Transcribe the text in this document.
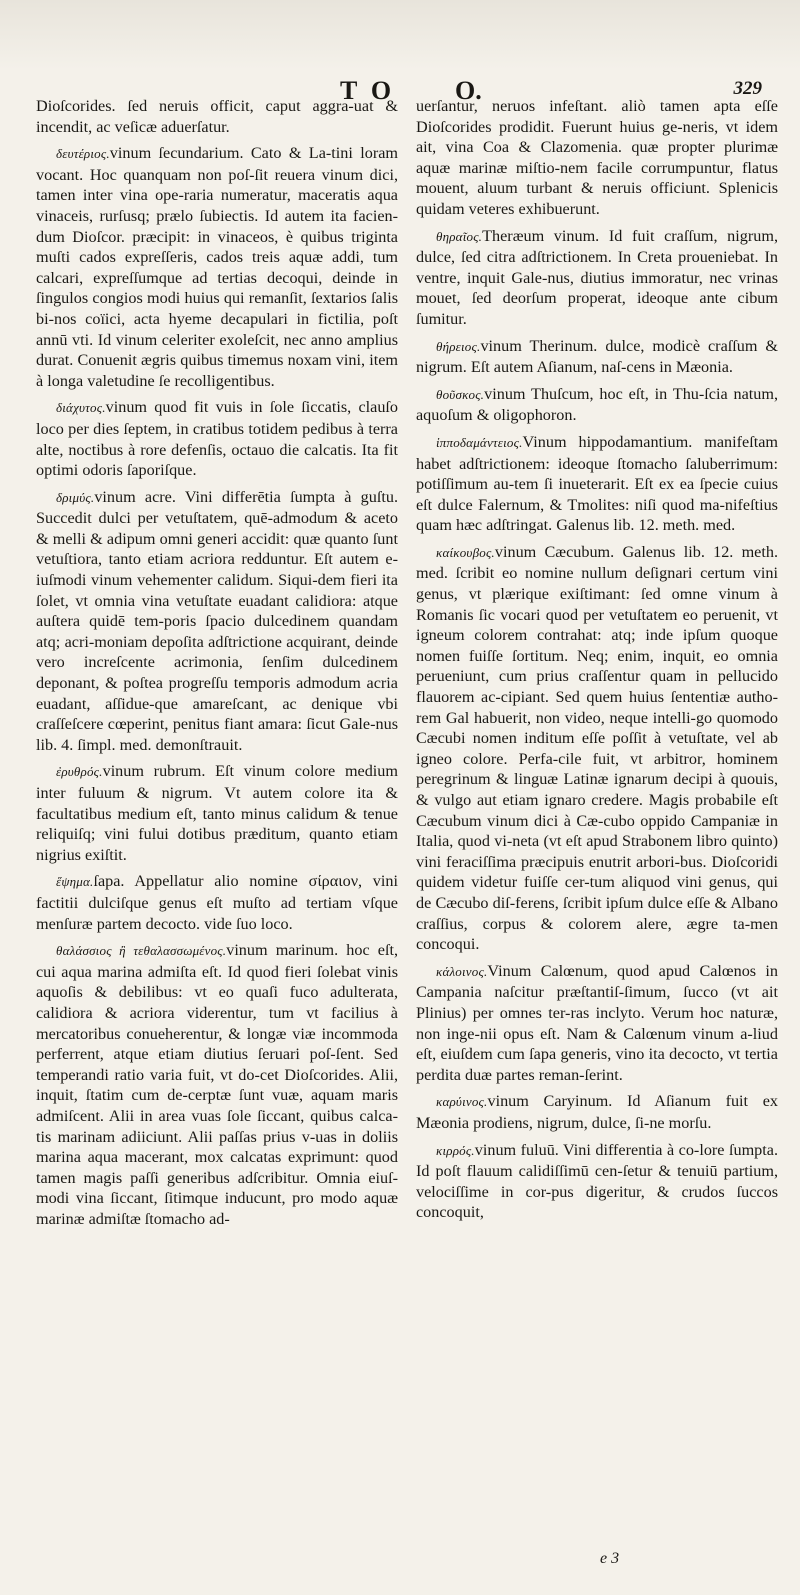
TO O.	329

Dioſcorides. ſed neruis officit, caput aggra-uat & incendit, ac veſicæ aduerſatur.

δευτέριος.vinum ſecundarium. Cato & La-tini loram vocant. Hoc quanquam non poſ-ſit reuera vinum dici, tamen inter vina ope-raria numeratur, maceratis aqua vinaceis, rurſusq; prælo ſubiectis. Id autem ita facien-dum Dioſcor. præcipit: in vinaceos, è quibus triginta muſti cados expreſſeris, cados treis aquæ addi, tum calcari, expreſſumque ad tertias decoqui, deinde in ſingulos congios modi huius qui remanſit, ſextarios ſalis bi-nos coïici, acta hyeme decapulari in fictilia, poſt annū vti. Id vinum celeriter exoleſcit, nec anno amplius durat. Conuenit ægris quibus timemus noxam vini, item à longa valetudine ſe recolligentibus.

διάχυτος.vinum quod fit vuis in ſole ſiccatis, clauſo loco per dies ſeptem, in cratibus totidem pedibus à terra alte, noctibus à rore defenſis, octauo die calcatis. Ita fit optimi odoris ſaporiſque.

δριμύς.vinum acre. Vini differētia ſumpta à guſtu. Succedit dulci per vetuſtatem, quē-admodum & aceto & melli & adipum omni generi accidit: quæ quanto ſunt vetuſtiora, tanto etiam acriora redduntur. Eſt autem e-iuſmodi vinum vehementer calidum. Siqui-dem fieri ita ſolet, vt omnia vina vetuſtate euadant calidiora: atque auſtera quidē tem-poris ſpacio dulcedinem quandam atq; acri-moniam depoſita adſtrictione acquirant, deinde vero increſcente acrimonia, ſenſim dulcedinem deponant, & poſtea progreſſu temporis admodum acria euadant, aſſidue-que amareſcant, ac denique vbi craſſeſcere cœperint, penitus fiant amara: ſicut Gale-nus lib. 4. ſimpl. med. demonſtrauit.

ἐρυθρός.vinum rubrum. Eſt vinum colore medium inter fuluum & nigrum. Vt autem colore ita & facultatibus medium eſt, tanto minus calidum & tenue reliquiſq; vini fului dotibus præditum, quanto etiam nigrius exiſtit.

ἕψημα.ſapa. Appellatur alio nomine σίραιον, vini factitii dulciſque genus eſt muſto ad tertiam vſque menſuræ partem decocto. vide ſuo loco.

θαλάσσιος ἢ τεθαλασσωμένος.vinum marinum. hoc eſt, cui aqua marina admiſta eſt. Id quod fieri ſolebat vinis aquoſis & debilibus: vt eo quaſi fuco adulterata, calidiora & acriora viderentur, tum vt facilius à mercatoribus conueherentur, & longæ viæ incommoda perferrent, atque etiam diutius ſeruari poſ-ſent. Sed temperandi ratio varia fuit, vt do-cet Dioſcorides. Alii, inquit, ſtatim cum de-cerptæ ſunt vuæ, aquam maris admiſcent. Alii in area vuas ſole ſiccant, quibus calca-tis marinam adiiciunt. Alii paſſas prius v-uas in doliis marina aqua macerant, mox calcatas exprimunt: quod tamen magis paſſi generibus adſcribitur. Omnia eiuſ-modi vina ſiccant, ſitimque inducunt, pro modo aquæ marinæ admiſtæ ſtomacho ad-

uerſantur, neruos infeſtant. aliò tamen apta eſſe Dioſcorides prodidit. Fuerunt huius ge-neris, vt idem ait, vina Coa & Clazomenia. quæ propter plurimæ aquæ marinæ miſtio-nem facile corrumpuntur, flatus mouent, aluum turbant & neruis officiunt. Splenicis quidam veteres exhibuerunt.

θηραῖος.Theræum vinum. Id fuit craſſum, nigrum, dulce, ſed citra adſtrictionem. In Creta proueniebat. In ventre, inquit Gale-nus, diutius immoratur, nec vrinas mouet, ſed deorſum properat, ideoque ante cibum ſumitur.

θήρειος.vinum Therinum. dulce, modicè craſſum & nigrum. Eſt autem Aſianum, naſ-cens in Mæonia.

θοῦσκος.vinum Thuſcum, hoc eſt, in Thu-ſcia natum, aquoſum & oligophoron.

ἱπποδαμάντειος.Vinum hippodamantium. manifeſtam habet adſtrictionem: ideoque ſtomacho ſaluberrimum: potiſſimum au-tem ſi inueterarit. Eſt ex ea ſpecie cuius eſt dulce Falernum, & Tmolites: niſi quod ma-nifeſtius quam hæc adſtringat. Galenus lib. 12. meth. med.

καίκουβος.vinum Cæcubum. Galenus lib. 12. meth. med. ſcribit eo nomine nullum deſignari certum vini genus, vt plærique exiſtimant: ſed omne vinum à Romanis ſic vocari quod per vetuſtatem eo peruenit, vt igneum colorem contrahat: atq; inde ipſum quoque nomen fuiſſe ſortitum. Neq; enim, inquit, eo omnia perueniunt, cum prius craſſentur quam in pellucido flauorem ac-cipiant. Sed quem huius ſententiæ autho-rem Gal habuerit, non video, neque intelli-go quomodo Cæcubi nomen inditum eſſe poſſit à vetuſtate, vel ab igneo colore. Perfa-cile fuit, vt arbitror, hominem peregrinum & linguæ Latinæ ignarum decipi à quouis, & vulgo aut etiam ignaro credere. Magis probabile eſt Cæcubum vinum dici à Cæ-cubo oppido Campaniæ in Italia, quod vi-neta (vt eſt apud Strabonem libro quinto) vini feraciſſima præcipuis enutrit arbori-bus. Dioſcoridi quidem videtur fuiſſe cer-tum aliquod vini genus, qui de Cæcubo diſ-ferens, ſcribit ipſum dulce eſſe & Albano craſſius, corpus & colorem alere, ægre ta-men concoqui.

κάλοινος.Vinum Calœnum, quod apud Calœnos in Campania naſcitur præſtantiſ-ſimum, ſucco (vt ait Plinius) per omnes ter-ras inclyto. Verum hoc naturæ, non inge-nii opus eſt. Nam & Calœnum vinum a-liud eſt, eiuſdem cum ſapa generis, vino ita decocto, vt tertia perdita duæ partes reman-ſerint.

καρύινος.vinum Caryinum. Id Aſianum fuit ex Mæonia prodiens, nigrum, dulce, ſi-ne morſu.

κιρρός.vinum fuluū. Vini differentia à co-lore ſumpta. Id poſt flauum calidiſſimū cen-ſetur & tenuiū partium, velociſſime in cor-pus digeritur, & crudos ſuccos concoquit,

e 3
